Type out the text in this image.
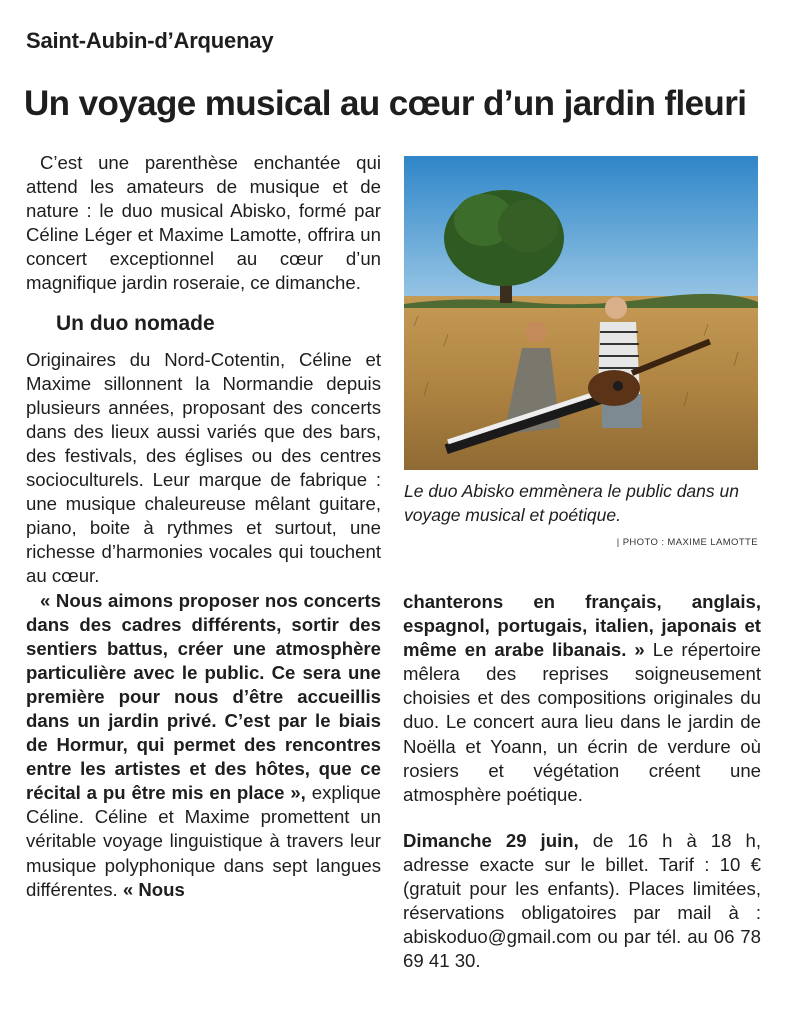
Saint-Aubin-d’Arquenay
Un voyage musical au cœur d’un jardin fleuri

C’est une parenthèse enchantée qui attend les amateurs de musique et de nature : le duo musical Abisko, formé par Céline Léger et Maxime Lamotte, offrira un concert exceptionnel au cœur d’un magnifique jardin roseraie, ce dimanche.

Un duo nomade

Originaires du Nord-Cotentin, Céline et Maxime sillonnent la Normandie depuis plusieurs années, proposant des concerts dans des lieux aussi variés que des bars, des festivals, des églises ou des centres socioculturels. Leur marque de fabrique : une musique chaleureuse mêlant guitare, piano, boite à rythmes et surtout, une richesse d’harmonies vocales qui touchent au cœur.

« Nous aimons proposer nos concerts dans des cadres différents, sortir des sentiers battus, créer une atmosphère particulière avec le public. Ce sera une première pour nous d’être accueillis dans un jardin privé. C’est par le biais de Hormur, qui permet des rencontres entre les artistes et des hôtes, que ce récital a pu être mis en place », explique Céline. Céline et Maxime promettent un véritable voyage linguistique à travers leur musique polyphonique dans sept langues différentes. « Nous

Le duo Abisko emmènera le public dans un voyage musical et poétique.
| PHOTO : MAXIME LAMOTTE

chanterons en français, anglais, espagnol, portugais, italien, japonais et même en arabe libanais. » Le répertoire mêlera des reprises soigneusement choisies et des compositions originales du duo. Le concert aura lieu dans le jardin de Noëlla et Yoann, un écrin de verdure où rosiers et végétation créent une atmosphère poétique.

Dimanche 29 juin, de 16 h à 18 h, adresse exacte sur le billet. Tarif : 10 € (gratuit pour les enfants). Places limitées, réservations obligatoires par mail à : abiskoduo@gmail.com ou par tél. au 06 78 69 41 30.
